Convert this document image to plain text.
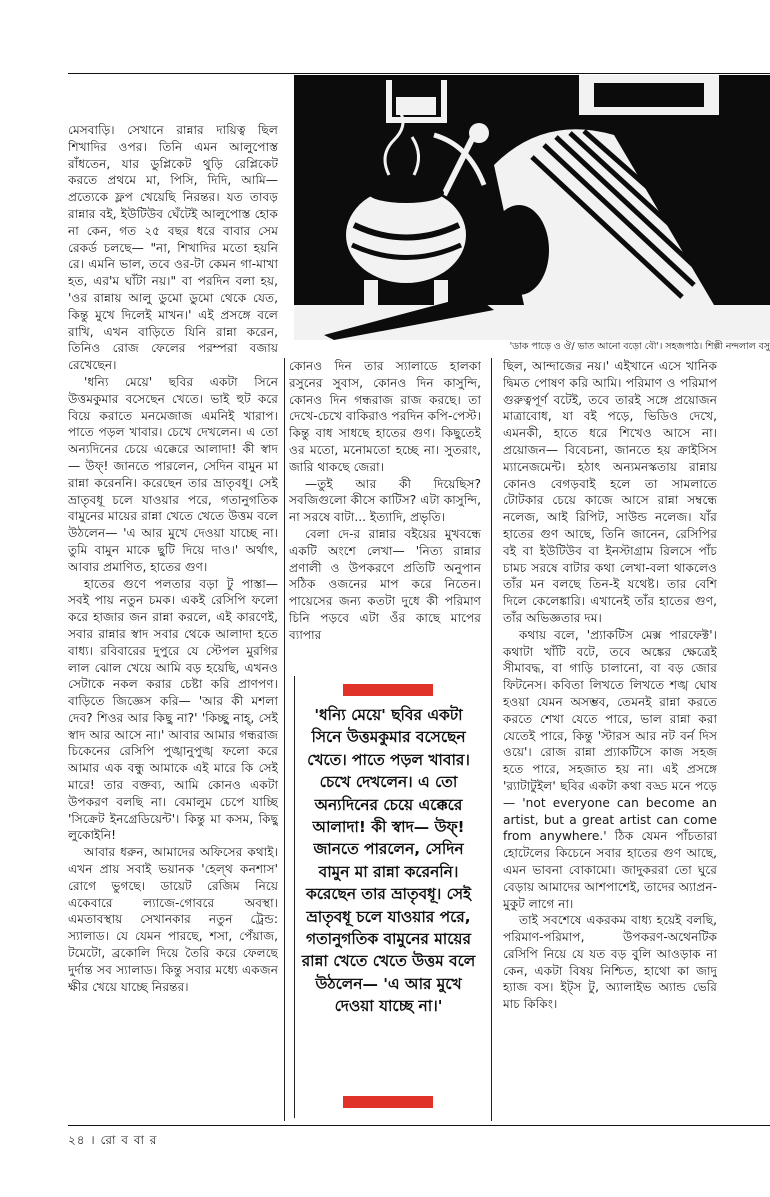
'ডাক পাড়ে ও ঔ/ ভাত আনো বড়ো বৌ'। সহজপাঠ। শিল্পী নন্দলাল বসু

মেসবাড়ি। সেখানে রান্নার দায়িত্ব ছিল শিখাদির ওপর। তিনি এমন আলুপোস্ত রাঁধতেন, যার ডুপ্লিকেট থুড়ি রেপ্লিকেট করতে প্রথমে মা, পিসি, দিদি, আমি— প্রত্যেকে ফ্লপ খেয়েছি নিরন্তর। যত তাবড় রান্নার বই, ইউটিউব ঘেঁটেই আলুপোস্ত হোক না কেন, গত ২৫ বছর ধরে বাবার সেম রেকর্ড চলছে— "না, শিখাদির মতো হয়নি রে। এমনি ভাল, তবে ওর-টা কেমন গা-মাখা হত, এর'ম ঘাঁটা নয়।" বা পরদিন বলা হয়, 'ওর রান্নায় আলু ডুমো ডুমো থেকে যেত, কিন্তু মুখে দিলেই মাখন।' এই প্রসঙ্গে বলে রাখি, এখন বাড়িতে যিনি রান্না করেন, তিনিও রোজ ফেলের পরম্পরা বজায় রেখেছেন।

'ধন্যি মেয়ে' ছবির একটা সিনে উত্তমকুমার বসেছেন খেতে। ভাই হুট করে বিয়ে করাতে মনমেজাজ এমনিই খারাপ। পাতে পড়ল খাবার। চেখে দেখলেন। এ তো অন্যদিনের চেয়ে এক্কেরে আলাদা! কী স্বাদ— উফ্! জানতে পারলেন, সেদিন বামুন মা রান্না করেননি। করেছেন তার ভ্রাতৃবধূ। সেই ভ্রাতৃবধূ চলে যাওয়ার পরে, গতানুগতিক বামুনের মায়ের রান্না খেতে খেতে উত্তম বলে উঠলেন— 'এ আর মুখে দেওয়া যাচ্ছে না। তুমি বামুন মাকে ছুটি দিয়ে দাও।' অর্থাৎ, আবার প্রমাণিত, হাতের গুণ।

হাতের গুণে পলতার বড়া টু পাস্তা— সবই পায় নতুন চমক। একই রেসিপি ফলো করে হাজার জন রান্না করলে, এই কারণেই, সবার রান্নার স্বাদ সবার থেকে আলাদা হতে বাধ্য। রবিবারের দুপুরে যে স্টেপল মুরগির লাল ঝোল খেয়ে আমি বড় হয়েছি, এখনও সেটাকে নকল করার চেষ্টা করি প্রাণপণ। বাড়িতে জিজ্ঞেস করি— 'আর কী মশলা দেব? শিওর আর কিছু না?' 'কিচ্ছু নাহ্, সেই স্বাদ আর আসে না।' আবার আমার গন্ধরাজ চিকেনের রেসিপি পুঙ্খানুপুঙ্খ ফলো করে আমার এক বন্ধু আমাকে এই মারে কি সেই মারে! তার বক্তব্য, আমি কোনও একটা উপকরণ বলছি না। বেমালুম চেপে যাচ্ছি 'সিক্রেট ইনগ্রেডিয়েন্ট'। কিন্তু মা কসম, কিছু লুকোইনি!

আবার ধরুন, আমাদের অফিসের কথাই। এখন প্রায় সবাই ভয়ানক 'হেল্থ কনশাস' রোগে ভুগছে। ডায়েট রেজিম নিয়ে একেবারে ল্যাজে-গোবরে অবস্থা। এমতাবস্থায় সেখানকার নতুন ট্রেন্ড: স্যালাড। যে যেমন পারছে, শসা, পেঁয়াজ, টমেটো, ব্রকোলি দিয়ে তৈরি করে ফেলছে দুর্দান্ত সব স্যালাড। কিন্তু সবার মধ্যে একজন ক্ষীর খেয়ে যাচ্ছে নিরন্তর।

কোনও দিন তার স্যালাডে হালকা রসুনের সুবাস, কোনও দিন কাসুন্দি, কোনও দিন গন্ধরাজ রাজ করছে। তা দেখে-চেখে বাকিরাও পরদিন কপি-পেস্ট। কিন্তু বাধ সাধছে হাতের গুণ। কিছুতেই ওর মতো, মনোমতো হচ্ছে না। সুতরাং, জারি থাকছে জেরা।

—তুই আর কী দিয়েছিস? সবজিগুলো কীসে কাটিস? এটা কাসুন্দি, না সরষে বাটা... ইত্যাদি, প্রভৃতি।

বেলা দে-র রান্নার বইয়ের মুখবন্ধে একটি অংশে লেখা— 'নিত্য রান্নার প্রণালী ও উপকরণে প্রতিটি অনুপান সঠিক ওজনের মাপ করে নিতেন। পায়েসের জন্য কতটা দুধে কী পরিমাণ চিনি পড়বে এটা ওঁর কাছে মাপের ব্যাপার

'ধন্যি মেয়ে' ছবির একটা সিনে উত্তমকুমার বসেছেন খেতে। পাতে পড়ল খাবার। চেখে দেখলেন। এ তো অন্যদিনের চেয়ে এক্কেরে আলাদা! কী স্বাদ— উফ্! জানতে পারলেন, সেদিন বামুন মা রান্না করেননি। করেছেন তার ভ্রাতৃবধূ। সেই ভ্রাতৃবধূ চলে যাওয়ার পরে, গতানুগতিক বামুনের মায়ের রান্না খেতে খেতে উত্তম বলে উঠলেন— 'এ আর মুখে দেওয়া যাচ্ছে না।'

ছিল, আন্দাজের নয়।' এইখানে এসে খানিক দ্বিমত পোষণ করি আমি। পরিমাণ ও পরিমাপ গুরুত্বপূর্ণ বটেই, তবে তারই সঙ্গে প্রয়োজন মাত্রাবোধ, যা বই পড়ে, ভিডিও দেখে, এমনকী, হাতে ধরে শিখেও আসে না। প্রয়োজন— বিবেচনা, জানতে হয় ক্রাইসিস ম্যানেজমেন্ট। হঠাৎ অন্যমনস্কতায় রান্নায় কোনও বেগড়বাই হলে তা সামলাতে টোটকার চেয়ে কাজে আসে রান্না সম্বন্ধে নলেজ, আই রিপিট, সাউন্ড নলেজ। যাঁর হাতের গুণ আছে, তিনি জানেন, রেসিপির বই বা ইউটিউব বা ইনস্টাগ্রাম রিলসে পাঁচ চামচ সরষে বাটার কথা লেখা-বলা থাকলেও তাঁর মন বলছে তিন-ই যথেষ্ট। তার বেশি দিলে কেলেঙ্কারি। এখানেই তাঁর হাতের গুণ, তাঁর অভিজ্ঞতার দম।

কথায় বলে, 'প্র্যাকটিস মেক্স পারফেক্ট'। কথাটা খাঁটি বটে, তবে অঙ্কের ক্ষেত্রেই সীমাবদ্ধ, বা গাড়ি চালানো, বা বড় জোর ফিটনেস। কবিতা লিখতে লিখতে শঙ্খ ঘোষ হওয়া যেমন অসম্ভব, তেমনই রান্না করতে করতে শেখা যেতে পারে, ভাল রান্না করা যেতেই পারে, কিন্তু 'স্টারস আর নট বর্ন দিস ওয়ে'। রোজ রান্না প্র্যাকটিসে কাজ সহজ হতে পারে, সহজাত হয় না। এই প্রসঙ্গে 'র‍্যাটাটুইল' ছবির একটা কথা বড্ড মনে পড়ে— 'not everyone can become an artist, but a great artist can come from anywhere.' ঠিক যেমন পাঁচতারা হোটেলের কিচেনে সবার হাতের গুণ আছে, এমন ভাবনা বোকামো। জাদুকররা তো ঘুরে বেড়ায় আমাদের আশপাশেই, তাদের অ্যাপ্রন-মুকুট লাগে না।

তাই সবশেষে একরকম বাধ্য হয়েই বলছি, পরিমাণ-পরিমাপ, উপকরণ-অথেনটিক রেসিপি নিয়ে যে যত বড় বুলি আওড়াক না কেন, একটা বিষয় নিশ্চিত, হাথো কা জাদু হ্যাজ বস। ইট্‌স টু, অ্যালাইভ অ্যান্ড ভেরি মাচ কিকিং।

২৪ । রো ব বা র
